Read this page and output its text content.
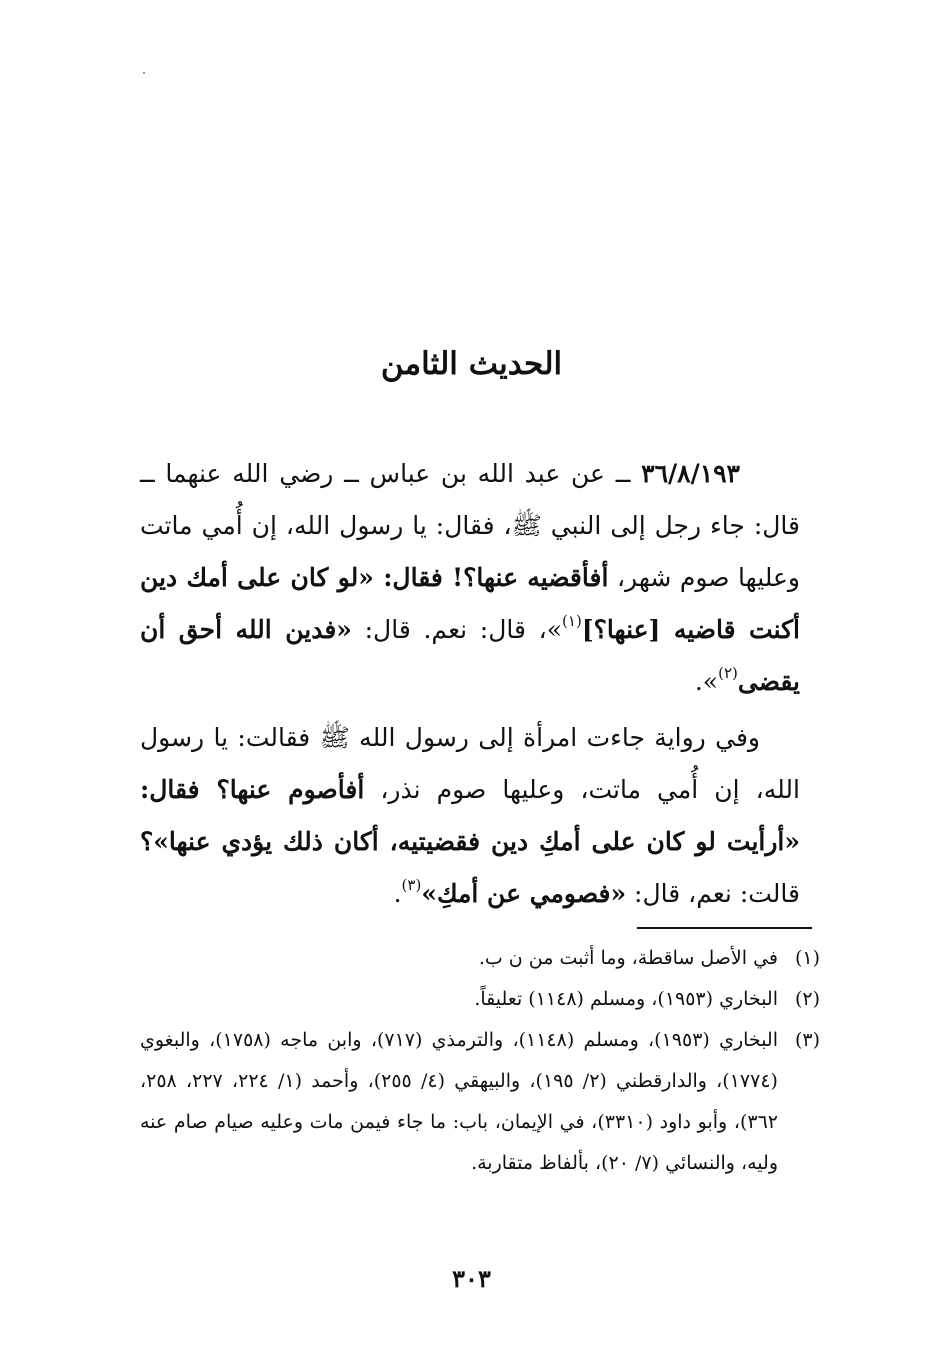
الحديث الثامن

٣٦/٨/١٩٣ ــ عن عبد الله بن عباس ــ رضي الله عنهما ــ قال: جاء رجل إلى النبي ﷺ، فقال: يا رسول الله، إن أُمي ماتت وعليها صوم شهر، أفأقضيه عنها؟! فقال: «لو كان على أمك دين أكنت قاضيه [عنها؟]$^{(١)}$»، قال: نعم. قال: «فدين الله أحق أن يقضى$^{(٢)}$».

وفي رواية جاءت امرأة إلى رسول الله ﷺ فقالت: يا رسول الله، إن أُمي ماتت، وعليها صوم نذر، أفأصوم عنها؟ فقال: «أرأيت لو كان على أمكِ دين فقضيتيه، أكان ذلك يؤدي عنها»؟ قالت: نعم، قال: «فصومي عن أمكِ»$^{(٣)}$.

(١)
في الأصل ساقطة، وما أثبت من ن ب.
(٢)
البخاري (١٩٥٣)، ومسلم (١١٤٨) تعليقاً.
(٣)
البخاري (١٩٥٣)، ومسلم (١١٤٨)، والترمذي (٧١٧)، وابن ماجه (١٧٥٨)، والبغوي (١٧٧٤)، والدارقطني (٢/ ١٩٥)، والبيهقي (٤/ ٢٥٥)، وأحمد (١/ ٢٢٤، ٢٢٧، ٢٥٨، ٣٦٢)، وأبو داود (٣٣١٠)، في الإيمان، باب: ما جاء فيمن مات وعليه صيام صام عنه وليه، والنسائي (٧/ ٢٠)، بألفاظ متقاربة.
٣٠٣
